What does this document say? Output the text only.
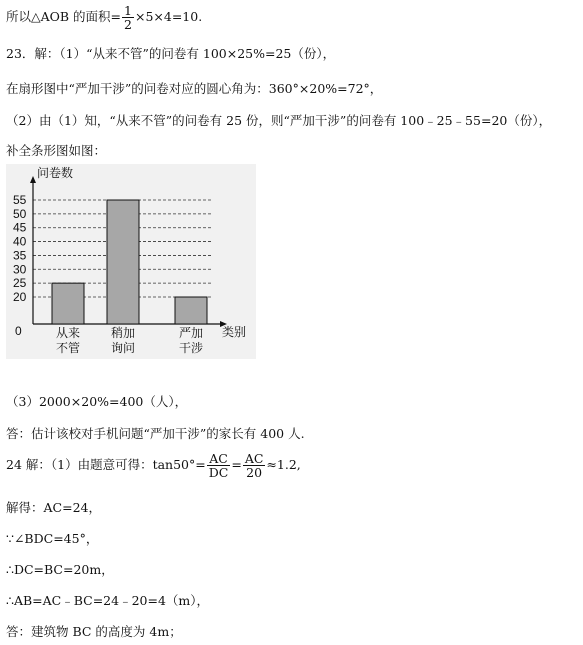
所以△AOB 的面积= $\frac{1}{2} \times 5\times 4=10$.
23．解：（1）“从来不管”的问卷有 100×25%=25（份），
在扇形图中“严加干涉”的问卷对应的圆心角为：360°×20%=72°，
（2）由（1）知，“从来不管”的问卷有 25 份，则“严加干涉”的问卷有 100﹣25﹣55=20（份），
补全条形图如图：
20
25
30
35
40
45
50
55
0
问卷数
类别
从来
不管
稍加
询问
严加
干涉
（3）2000×20%=400（人），
答：估计该校对手机问题“严加干涉”的家长有 400 人.
24 解：（1）由题意可得：$\tan 50^\circ= \frac{AC}{DC} = \frac{AC}{20} \approx 1.2$,
解得：AC=24，
∵∠BDC=45°，
∴DC=BC=20m，
∴AB=AC﹣BC=24﹣20=4（m），
答：建筑物 BC 的高度为 4m；
